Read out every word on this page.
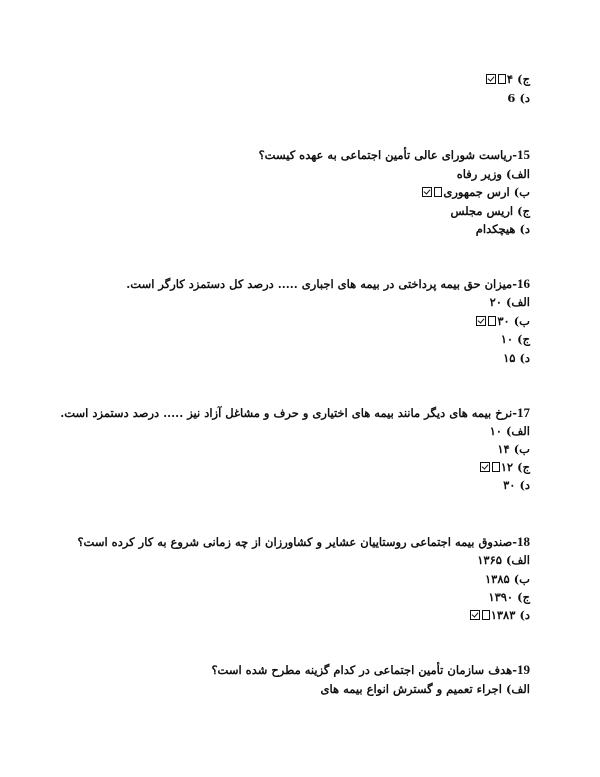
ج) ۴
د) 6
15-ریاست شورای عالی تأمین اجتماعی به عهده کیست؟
الف) وزیر رفاه
ب) ارس جمهوری
ج) اریس مجلس
د) هیچکدام
16-میزان حق بیمه پرداختی در بیمه های اجباری ..... درصد کل دستمزد کارگر است.
الف) ۲۰
ب) ۳۰
ج) ۱۰
د) ۱۵
17-نرخ بیمه های دیگر مانند بیمه های اختیاری و حرف و مشاغل آزاد نیز ..... درصد دستمزد است.
الف) ۱۰
ب) ۱۴
ج) ۱۲
د) ۳۰
18-صندوق بیمه اجتماعی روستاییان عشایر و کشاورزان از چه زمانی شروع به کار کرده است؟
الف) ۱۳۶۵
ب) ۱۳۸۵
ج) ۱۳۹۰
د) ۱۳۸۳
19-هدف سازمان تأمین اجتماعی در کدام گزینه مطرح شده است؟
الف) اجراء تعمیم و گسترش انواع بیمه های
